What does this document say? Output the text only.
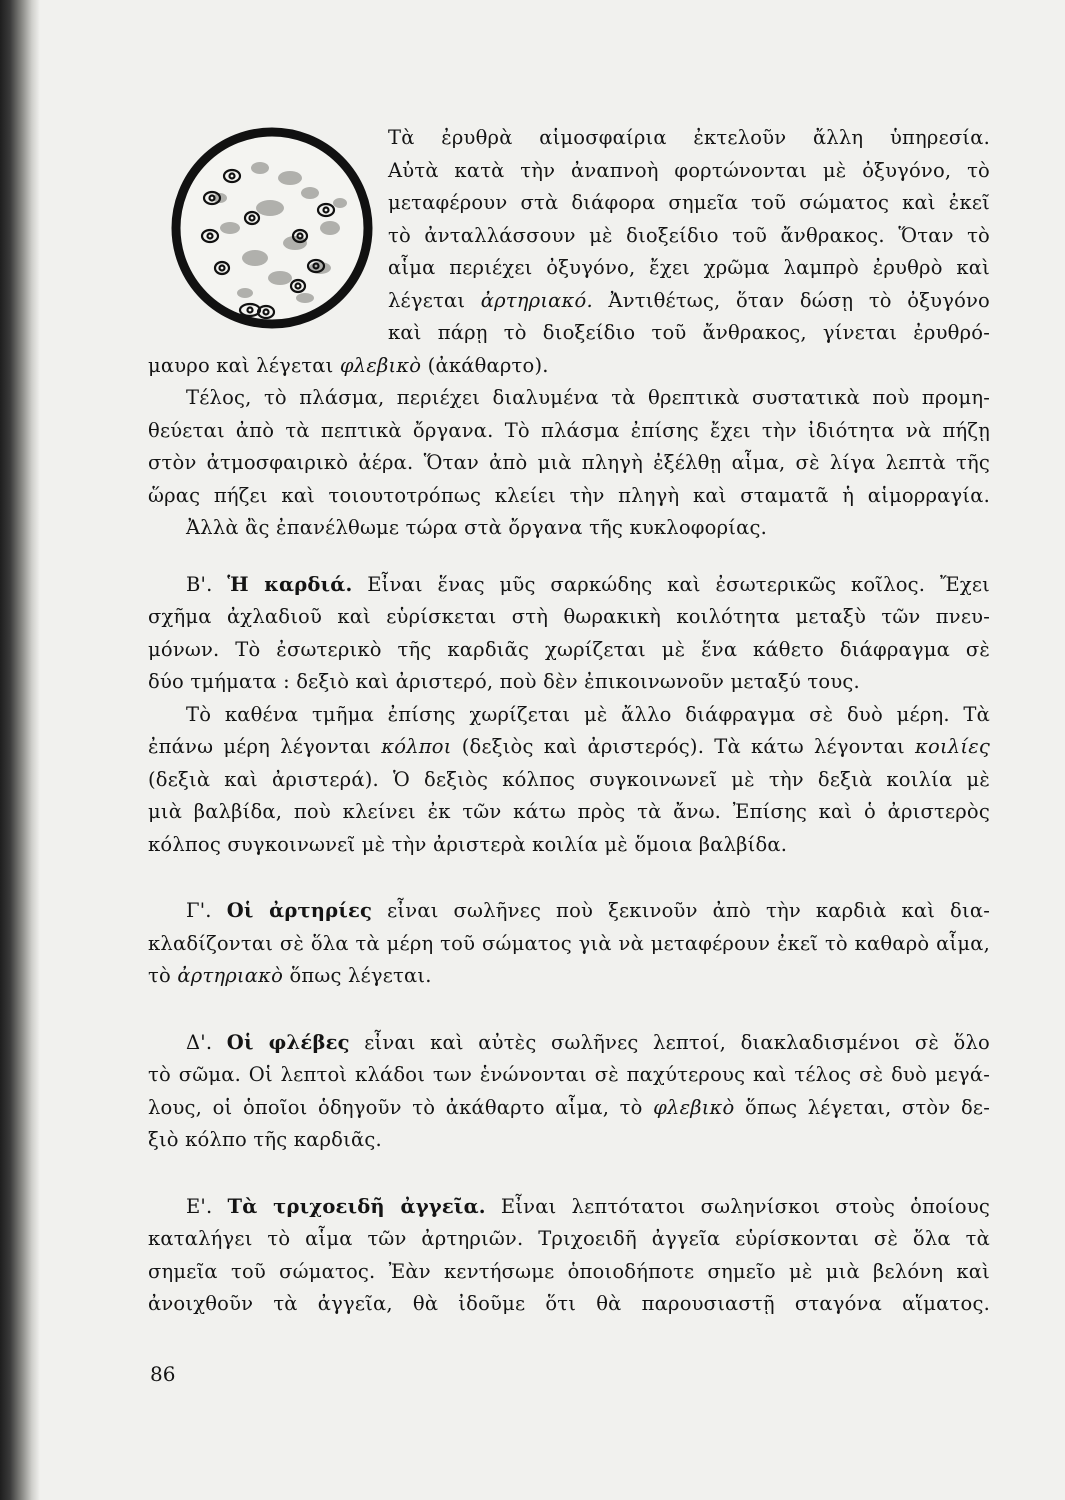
Τὰ ἐρυθρὰ αἱμοσφαίρια ἐκτελοῦν ἄλλη ὑπηρεσία.
Αὐτὰ κατὰ τὴν ἀναπνοὴ φορτώνονται μὲ ὀξυγόνο, τὸ
μεταφέρουν στὰ διάφορα σημεῖα τοῦ σώματος καὶ ἐκεῖ
τὸ ἀνταλλάσσουν μὲ διοξείδιο τοῦ ἄνθρακος. Ὅταν τὸ
αἷμα περιέχει ὀξυγόνο, ἔχει χρῶμα λαμπρὸ ἐρυθρὸ καὶ
λέγεται ἀρτηριακό. Ἀντιθέτως, ὅταν δώσῃ τὸ ὀξυγόνο
καὶ πάρῃ τὸ διοξείδιο τοῦ ἄνθρακος, γίνεται ἐρυθρό-
μαυρο καὶ λέγεται φλεβικὸ (ἀκάθαρτο).
Τέλος, τὸ πλάσμα, περιέχει διαλυμένα τὰ θρεπτικὰ συστατικὰ ποὺ προμη-
θεύεται ἀπὸ τὰ πεπτικὰ ὄργανα. Τὸ πλάσμα ἐπίσης ἔχει τὴν ἰδιότητα νὰ πήζῃ
στὸν ἀτμοσφαιρικὸ ἀέρα. Ὅταν ἀπὸ μιὰ πληγὴ ἐξέλθῃ αἷμα, σὲ λίγα λεπτὰ τῆς
ὥρας πήζει καὶ τοιουτοτρόπως κλείει τὴν πληγὴ καὶ σταματᾶ ἡ αἱμορραγία.
Ἀλλὰ ἂς ἐπανέλθωμε τώρα στὰ ὄργανα τῆς κυκλοφορίας.
Β'. Ἡ καρδιά. Εἶναι ἕνας μῦς σαρκώδης καὶ ἐσωτερικῶς κοῖλος. Ἔχει
σχῆμα ἀχλαδιοῦ καὶ εὑρίσκεται στὴ θωρακικὴ κοιλότητα μεταξὺ τῶν πνευ-
μόνων. Τὸ ἐσωτερικὸ τῆς καρδιᾶς χωρίζεται μὲ ἕνα κάθετο διάφραγμα σὲ
δύο τμήματα : δεξιὸ καὶ ἀριστερό, ποὺ δὲν ἐπικοινωνοῦν μεταξύ τους.
Τὸ καθένα τμῆμα ἐπίσης χωρίζεται μὲ ἄλλο διάφραγμα σὲ δυὸ μέρη. Τὰ
ἐπάνω μέρη λέγονται κόλποι (δεξιὸς καὶ ἀριστερός). Τὰ κάτω λέγονται κοιλίες
(δεξιὰ καὶ ἀριστερά). Ὁ δεξιὸς κόλπος συγκοινωνεῖ μὲ τὴν δεξιὰ κοιλία μὲ
μιὰ βαλβίδα, ποὺ κλείνει ἐκ τῶν κάτω πρὸς τὰ ἄνω. Ἐπίσης καὶ ὁ ἀριστερὸς
κόλπος συγκοινωνεῖ μὲ τὴν ἀριστερὰ κοιλία μὲ ὅμοια βαλβίδα.
Γ'. Οἱ ἀρτηρίες εἶναι σωλῆνες ποὺ ξεκινοῦν ἀπὸ τὴν καρδιὰ καὶ δια-
κλαδίζονται σὲ ὅλα τὰ μέρη τοῦ σώματος γιὰ νὰ μεταφέρουν ἐκεῖ τὸ καθαρὸ αἷμα,
τὸ ἀρτηριακὸ ὅπως λέγεται.
Δ'. Οἱ φλέβες εἶναι καὶ αὐτὲς σωλῆνες λεπτοί, διακλαδισμένοι σὲ ὅλο
τὸ σῶμα. Οἱ λεπτοὶ κλάδοι των ἑνώνονται σὲ παχύτερους καὶ τέλος σὲ δυὸ μεγά-
λους, οἱ ὁποῖοι ὁδηγοῦν τὸ ἀκάθαρτο αἷμα, τὸ φλεβικὸ ὅπως λέγεται, στὸν δε-
ξιὸ κόλπο τῆς καρδιᾶς.
Ε'. Τὰ τριχοειδῆ ἀγγεῖα. Εἶναι λεπτότατοι σωληνίσκοι στοὺς ὁποίους
καταλήγει τὸ αἷμα τῶν ἀρτηριῶν. Τριχοειδῆ ἀγγεῖα εὑρίσκονται σὲ ὅλα τὰ
σημεῖα τοῦ σώματος. Ἐὰν κεντήσωμε ὁποιοδήποτε σημεῖο μὲ μιὰ βελόνη καὶ
ἀνοιχθοῦν τὰ ἀγγεῖα, θὰ ἰδοῦμε ὅτι θὰ παρουσιαστῇ σταγόνα αἵματος.
86
